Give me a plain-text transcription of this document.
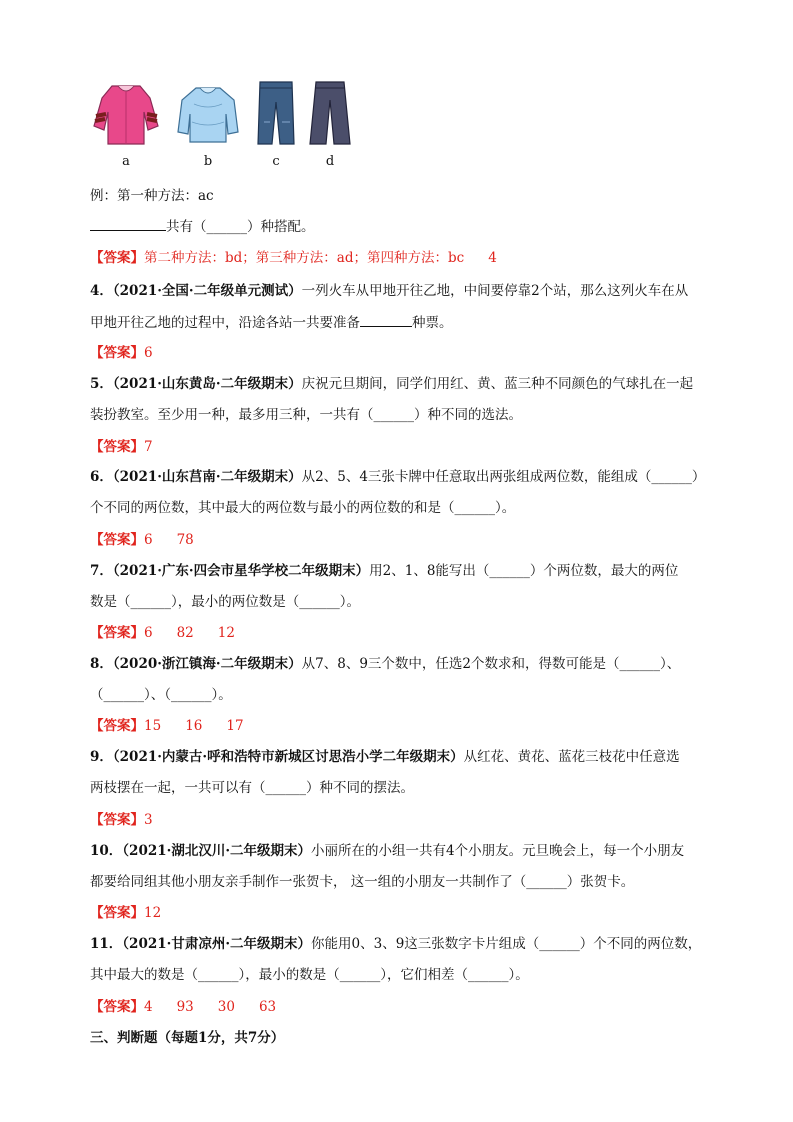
a	b	c	d
例：第一种方法：ac
共有（______）种搭配。
【答案】第二种方法：bd；第三种方法：ad；第四种方法：bc 4
4．（2021·全国·二年级单元测试）一列火车从甲地开往乙地，中间要停靠2个站，那么这列火车在从
甲地开往乙地的过程中，沿途各站一共要准备	种票。
【答案】6
5．（2021·山东黄岛·二年级期末）庆祝元旦期间，同学们用红、黄、蓝三种不同颜色的气球扎在一起
装扮教室。至少用一种，最多用三种，一共有（______）种不同的选法。
【答案】7
6．（2021·山东莒南·二年级期末）从2、5、4三张卡牌中任意取出两张组成两位数，能组成（______）
个不同的两位数，其中最大的两位数与最小的两位数的和是（______）。
【答案】6 78
7．（2021·广东·四会市星华学校二年级期末）用2、1、8能写出（______）个两位数，最大的两位
数是（______），最小的两位数是（______）。
【答案】6 82 12
8．（2020·浙江镇海·二年级期末）从7、8、9三个数中，任选2个数求和，得数可能是（______）、
（______）、（______）。
【答案】15 16 17
9．（2021·内蒙古·呼和浩特市新城区讨思浩小学二年级期末）从红花、黄花、蓝花三枝花中任意选
两枝摆在一起，一共可以有（______）种不同的摆法。
【答案】3
10．（2021·湖北汉川·二年级期末）小丽所在的小组一共有4个小朋友。元旦晚会上，每一个小朋友
都要给同组其他小朋友亲手制作一张贺卡， 这一组的小朋友一共制作了（______）张贺卡。
【答案】12
11．（2021·甘肃凉州·二年级期末）你能用0、3、9这三张数字卡片组成（______）个不同的两位数，
其中最大的数是（______），最小的数是（______），它们相差（______）。
【答案】4 93 30 63
三、判断题（每题1分，共7分）
